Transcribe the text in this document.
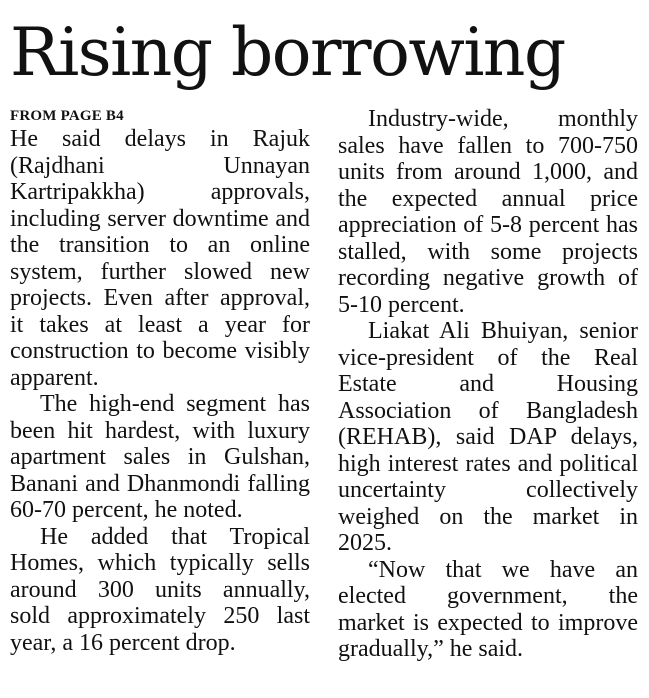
Rising borrowing
FROM PAGE B4

He said delays in Rajuk (Rajdhani Unnayan Kartripakkha) approvals, including server downtime and the transition to an online system, further slowed new projects. Even after approval, it takes at least a year for construction to become visibly apparent.

The high-end segment has been hit hardest, with luxury apartment sales in Gulshan, Banani and Dhanmondi falling 60-70 percent, he noted.

He added that Tropical Homes, which typically sells around 300 units annually, sold approximately 250 last year, a 16 percent drop.

Industry-wide, monthly sales have fallen to 700-750 units from around 1,000, and the expected annual price appreciation of 5-8 percent has stalled, with some projects recording negative growth of 5-10 percent.

Liakat Ali Bhuiyan, senior vice-president of the Real Estate and Housing Association of Bangladesh (REHAB), said DAP delays, high interest rates and political uncertainty collectively weighed on the market in 2025.

“Now that we have an elected government, the market is expected to improve gradually,” he said.
